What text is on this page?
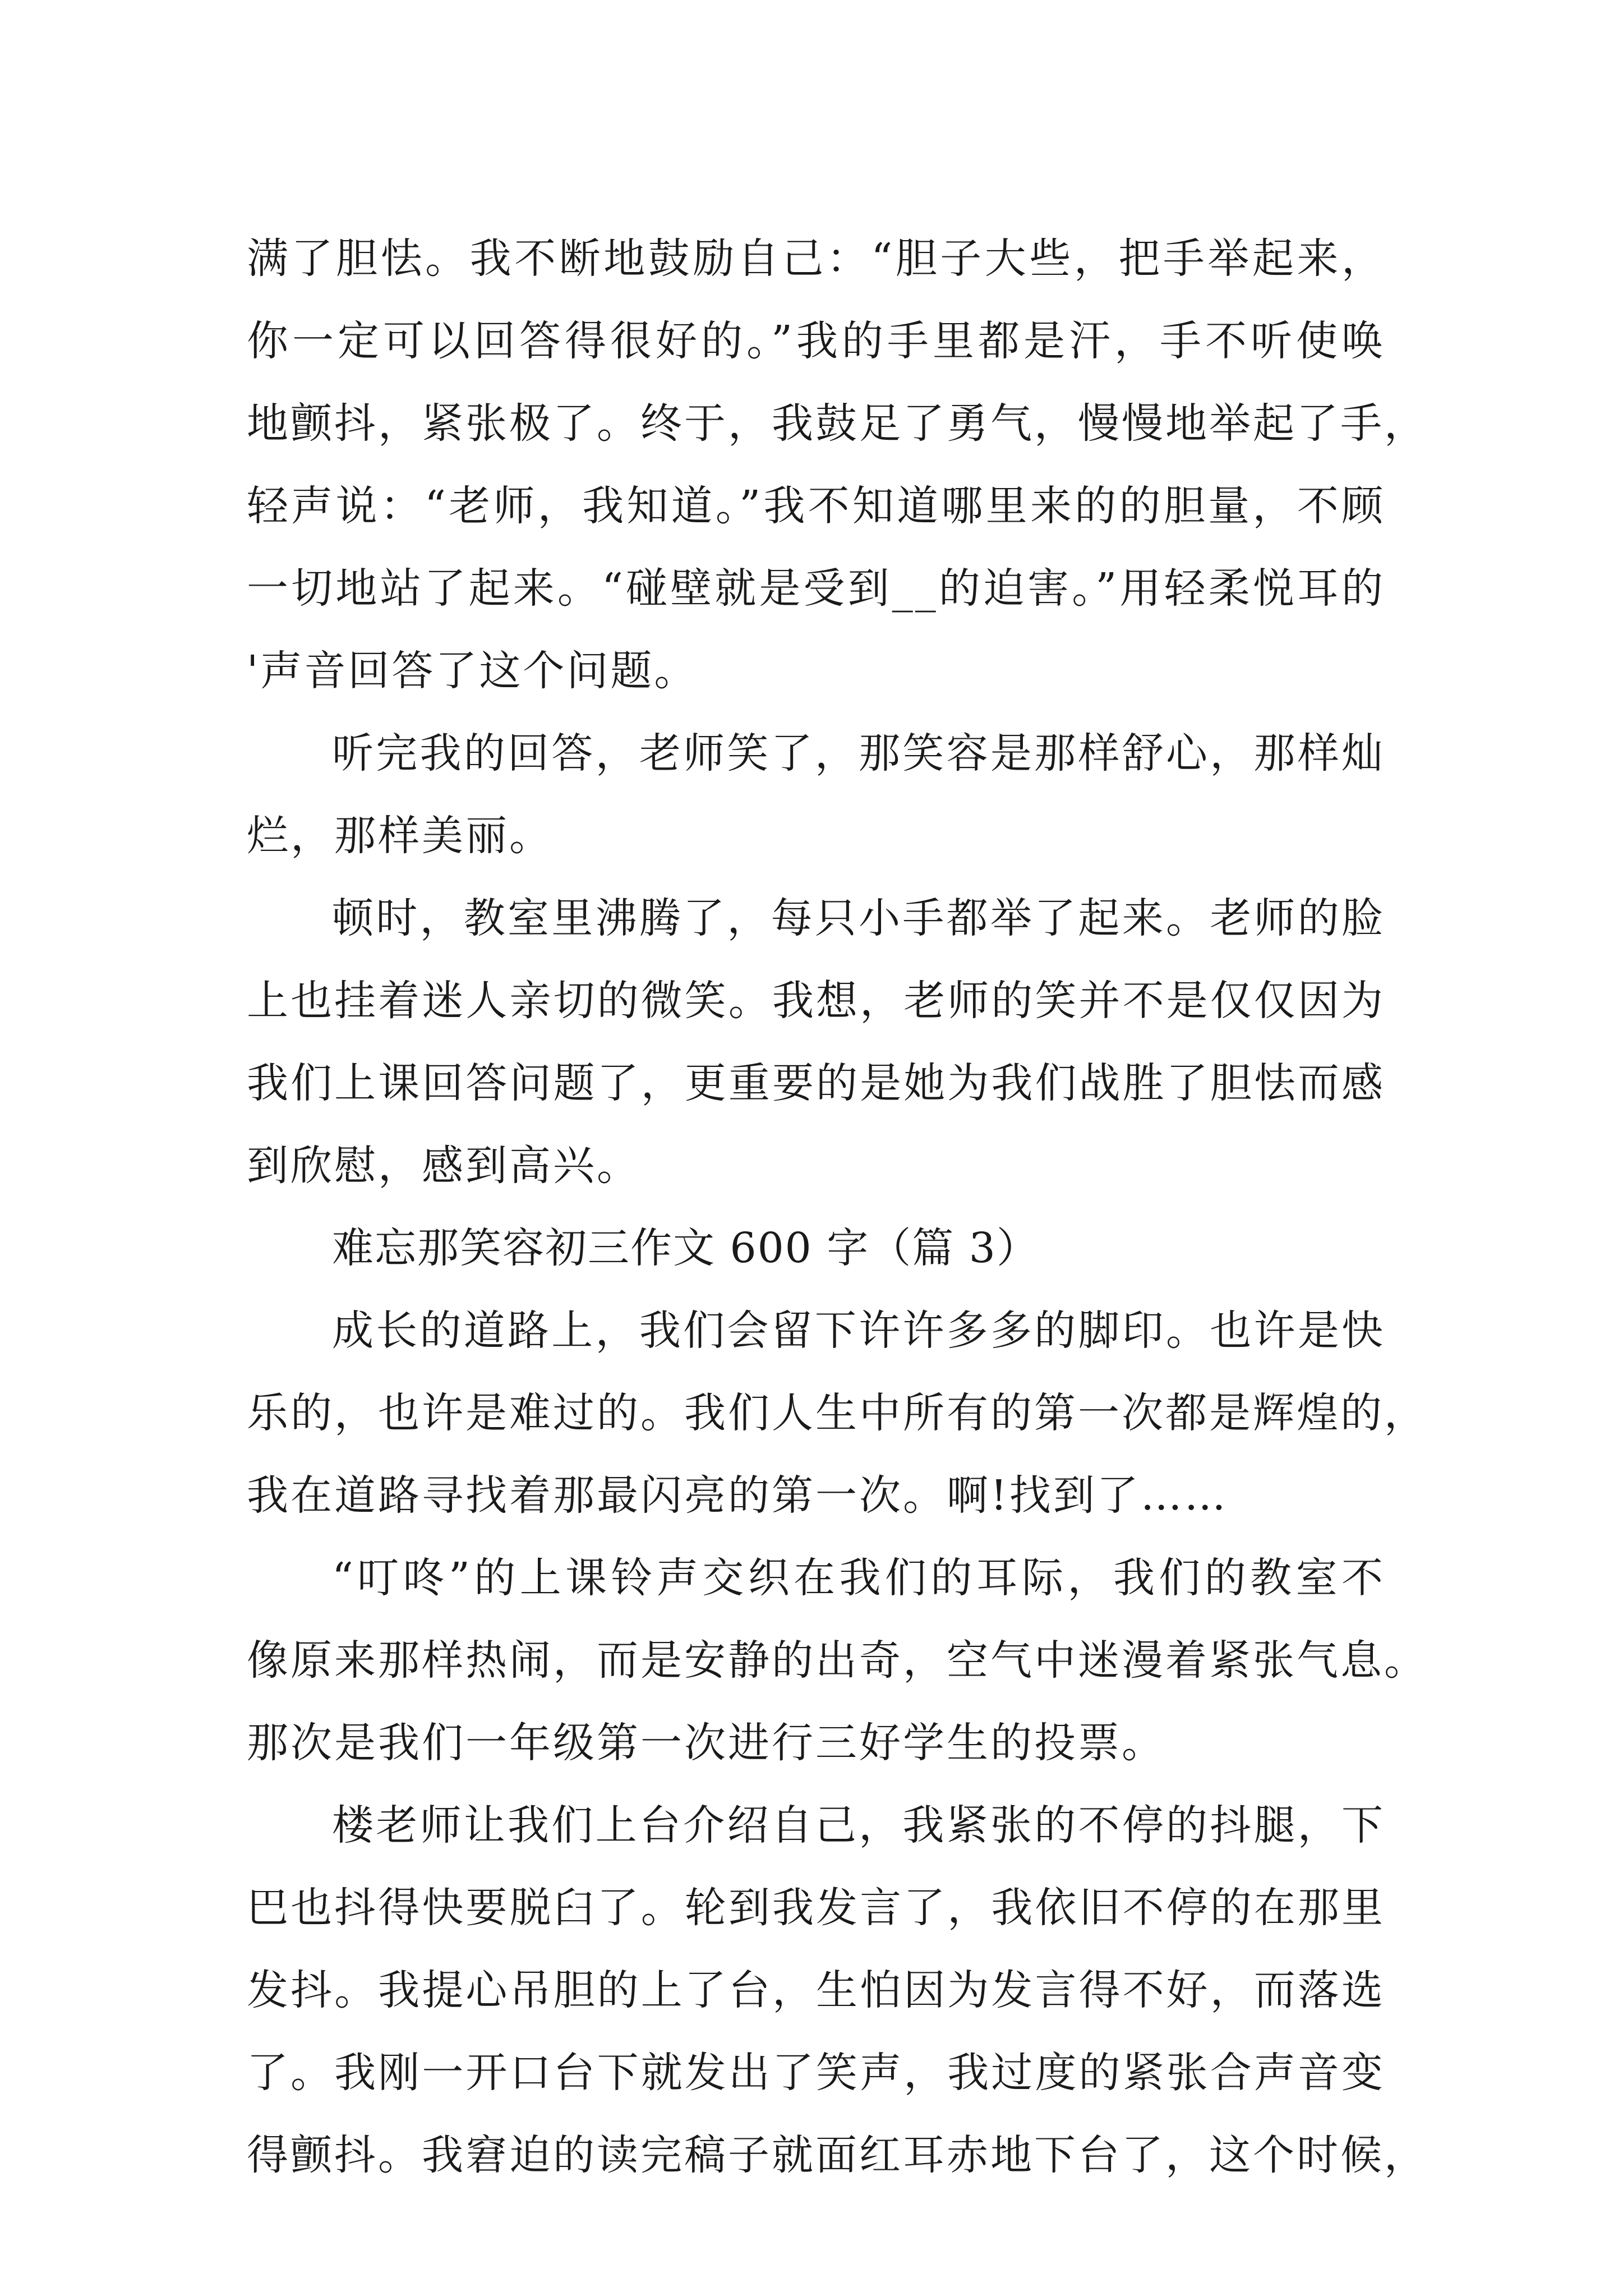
满了胆怯。我不断地鼓励自己：“胆子大些，把手举起来，
你一定可以回答得很好的。”我的手里都是汗，手不听使唤
地颤抖，紧张极了。终于，我鼓足了勇气，慢慢地举起了手，
轻声说：“老师，我知道。”我不知道哪里来的的胆量，不顾
一切地站了起来。“碰壁就是受到__的迫害。”用轻柔悦耳的
'声音回答了这个问题。
听完我的回答，老师笑了，那笑容是那样舒心，那样灿
烂，那样美丽。
顿时，教室里沸腾了，每只小手都举了起来。老师的脸
上也挂着迷人亲切的微笑。我想，老师的笑并不是仅仅因为
我们上课回答问题了，更重要的是她为我们战胜了胆怯而感
到欣慰，感到高兴。
难忘那笑容初三作文 600 字（篇 3）
成长的道路上，我们会留下许许多多的脚印。也许是快
乐的，也许是难过的。我们人生中所有的第一次都是辉煌的，
我在道路寻找着那最闪亮的第一次。啊!找到了……
“叮咚”的上课铃声交织在我们的耳际，我们的教室不
像原来那样热闹，而是安静的出奇，空气中迷漫着紧张气息。
那次是我们一年级第一次进行三好学生的投票。
楼老师让我们上台介绍自己，我紧张的不停的抖腿，下
巴也抖得快要脱臼了。轮到我发言了，我依旧不停的在那里
发抖。我提心吊胆的上了台，生怕因为发言得不好，而落选
了。我刚一开口台下就发出了笑声，我过度的紧张合声音变
得颤抖。我窘迫的读完稿子就面红耳赤地下台了，这个时候，
